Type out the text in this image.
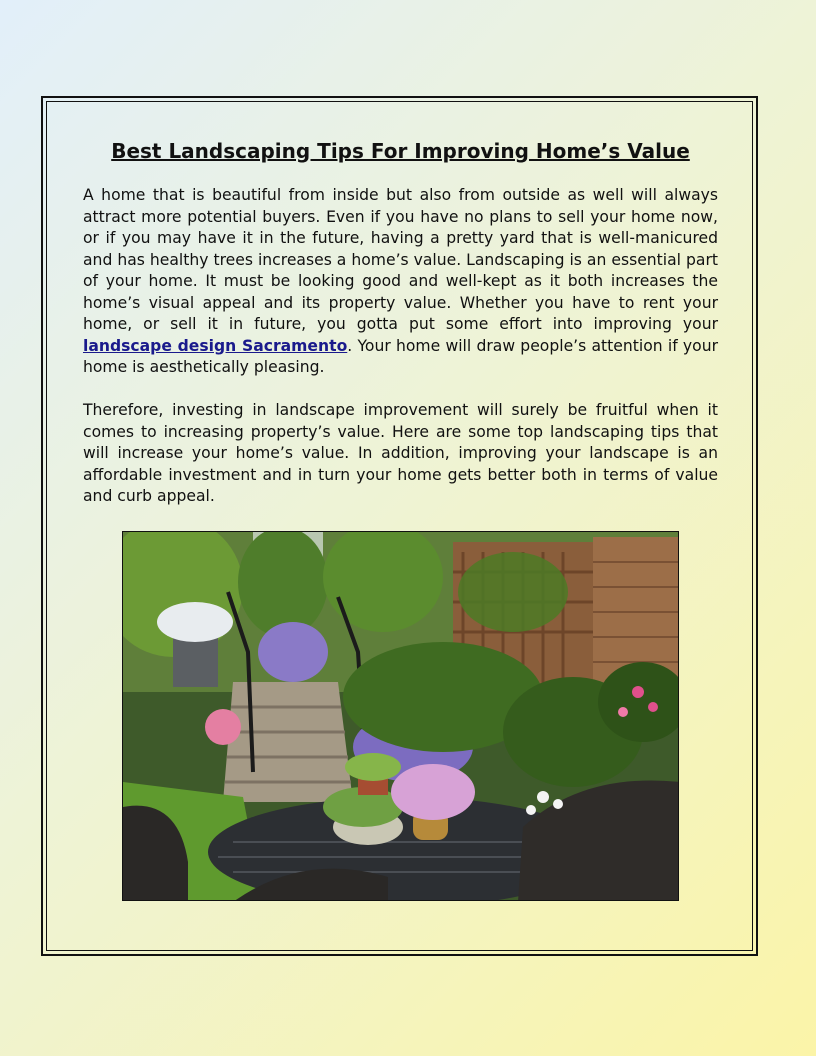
Best Landscaping Tips For Improving Home’s Value

A home that is beautiful from inside but also from outside as well will always attract more potential buyers. Even if you have no plans to sell your home now, or if you may have it in the future, having a pretty yard that is well-manicured and has healthy trees increases a home’s value. Landscaping is an essential part of your home. It must be looking good and well-kept as it both increases the home’s visual appeal and its property value. Whether you have to rent your home, or sell it in future, you gotta put some effort into improving your landscape design Sacramento. Your home will draw people’s attention if your home is aesthetically pleasing.

Therefore, investing in landscape improvement will surely be fruitful when it comes to increasing property’s value. Here are some top landscaping tips that will increase your home’s value. In addition, improving your landscape is an affordable investment and in turn your home gets better both in terms of value and curb appeal.
